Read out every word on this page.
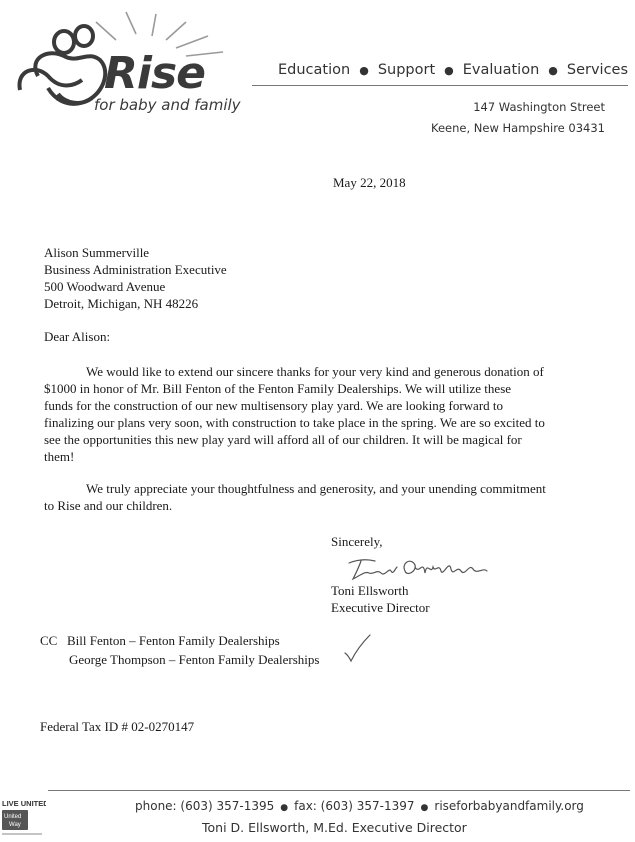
Rise
for baby and family
Education ● Support ● Evaluation ● Services
147 Washington Street
Keene, New Hampshire 03431
May 22, 2018
Alison Summerville
Business Administration Executive
500 Woodward Avenue
Detroit, Michigan, NH 48226
Dear Alison:
We would like to extend our sincere thanks for your very kind and generous donation of
$1000 in honor of Mr. Bill Fenton of the Fenton Family Dealerships. We will utilize these
funds for the construction of our new multisensory play yard. We are looking forward to
finalizing our plans very soon, with construction to take place in the spring. We are so excited to
see the opportunities this new play yard will afford all of our children. It will be magical for
them!
We truly appreciate your thoughtfulness and generosity, and your unending commitment
to Rise and our children.
Sincerely,
Toni Ellsworth
Executive Director
CC Bill Fenton – Fenton Family Dealerships
George Thompson – Fenton Family Dealerships
Federal Tax ID # 02-0270147
LIVE UNITED
United
Way
phone: (603) 357-1395 ● fax: (603) 357-1397 ● riseforbabyandfamily.org
Toni D. Ellsworth, M.Ed. Executive Director
